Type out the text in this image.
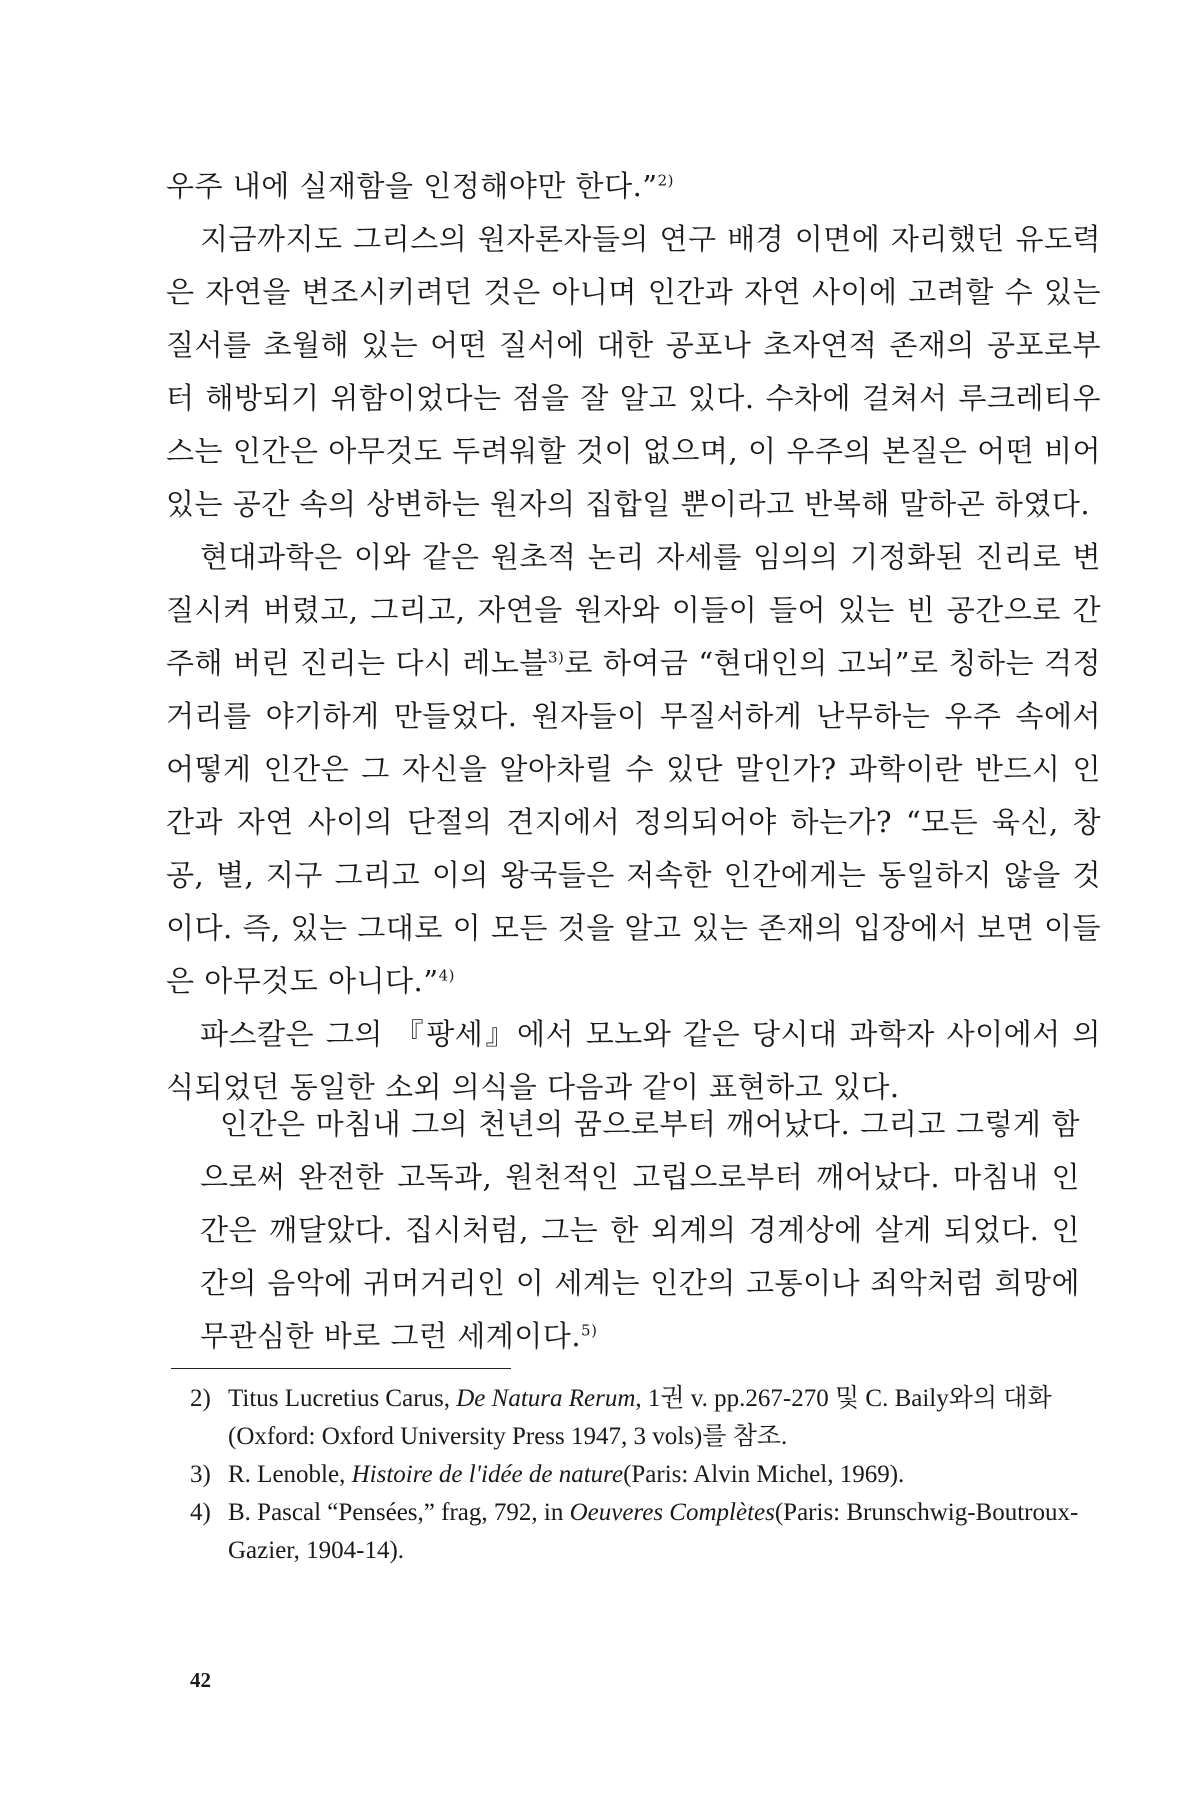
우주 내에 실재함을 인정해야만 한다.”$^{2)}$

지금까지도 그리스의 원자론자들의 연구 배경 이면에 자리했던 유도력은 자연을 변조시키려던 것은 아니며 인간과 자연 사이에 고려할 수 있는 질서를 초월해 있는 어떤 질서에 대한 공포나 초자연적 존재의 공포로부터 해방되기 위함이었다는 점을 잘 알고 있다. 수차에 걸쳐서 루크레티우스는 인간은 아무것도 두려워할 것이 없으며, 이 우주의 본질은 어떤 비어 있는 공간 속의 상변하는 원자의 집합일 뿐이라고 반복해 말하곤 하였다.

현대과학은 이와 같은 원초적 논리 자세를 임의의 기정화된 진리로 변질시켜 버렸고, 그리고, 자연을 원자와 이들이 들어 있는 빈 공간으로 간주해 버린 진리는 다시 레노블$^{3)}$로 하여금 “현대인의 고뇌”로 칭하는 걱정거리를 야기하게 만들었다. 원자들이 무질서하게 난무하는 우주 속에서 어떻게 인간은 그 자신을 알아차릴 수 있단 말인가? 과학이란 반드시 인간과 자연 사이의 단절의 견지에서 정의되어야 하는가? “모든 육신, 창공, 별, 지구 그리고 이의 왕국들은 저속한 인간에게는 동일하지 않을 것이다. 즉, 있는 그대로 이 모든 것을 알고 있는 존재의 입장에서 보면 이들은 아무것도 아니다.”$^{4)}$

파스칼은 그의 『팡세』에서 모노와 같은 당시대 과학자 사이에서 의식되었던 동일한 소외 의식을 다음과 같이 표현하고 있다.

인간은 마침내 그의 천년의 꿈으로부터 깨어났다. 그리고 그렇게 함으로써 완전한 고독과, 원천적인 고립으로부터 깨어났다. 마침내 인간은 깨달았다. 집시처럼, 그는 한 외계의 경계상에 살게 되었다. 인간의 음악에 귀머거리인 이 세계는 인간의 고통이나 죄악처럼 희망에 무관심한 바로 그런 세계이다.$^{5)}$

2) Titus Lucretius Carus, De Natura Rerum, 1권 v. pp.267-270 및 C. Baily와의 대화(Oxford: Oxford University Press 1947, 3 vols)를 참조.
3) R. Lenoble, Histoire de l'idée de nature(Paris: Alvin Michel, 1969).
4) B. Pascal “Pensées,” frag, 792, in Oeuveres Complètes(Paris: Brunschwig-Boutroux-Gazier, 1904-14).
42
